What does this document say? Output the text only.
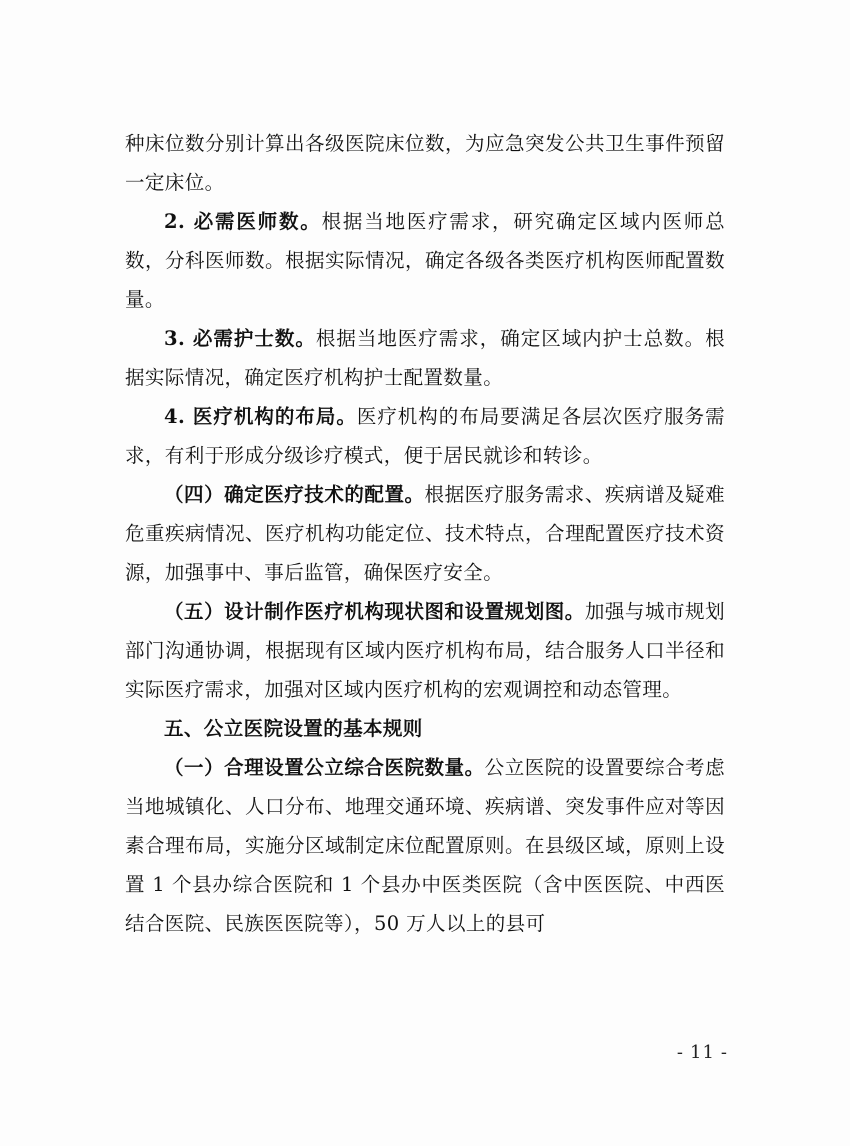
种床位数分别计算出各级医院床位数，为应急突发公共卫生事件预留一定床位。

2. 必需医师数。根据当地医疗需求，研究确定区域内医师总数，分科医师数。根据实际情况，确定各级各类医疗机构医师配置数量。

3. 必需护士数。根据当地医疗需求，确定区域内护士总数。根据实际情况，确定医疗机构护士配置数量。

4. 医疗机构的布局。医疗机构的布局要满足各层次医疗服务需求，有利于形成分级诊疗模式，便于居民就诊和转诊。

（四）确定医疗技术的配置。根据医疗服务需求、疾病谱及疑难危重疾病情况、医疗机构功能定位、技术特点，合理配置医疗技术资源，加强事中、事后监管，确保医疗安全。

（五）设计制作医疗机构现状图和设置规划图。加强与城市规划部门沟通协调，根据现有区域内医疗机构布局，结合服务人口半径和实际医疗需求，加强对区域内医疗机构的宏观调控和动态管理。

五、公立医院设置的基本规则

（一）合理设置公立综合医院数量。公立医院的设置要综合考虑当地城镇化、人口分布、地理交通环境、疾病谱、突发事件应对等因素合理布局，实施分区域制定床位配置原则。在县级区域，原则上设置 1 个县办综合医院和 1 个县办中医类医院（含中医医院、中西医结合医院、民族医医院等），50 万人以上的县可

- 11 -
